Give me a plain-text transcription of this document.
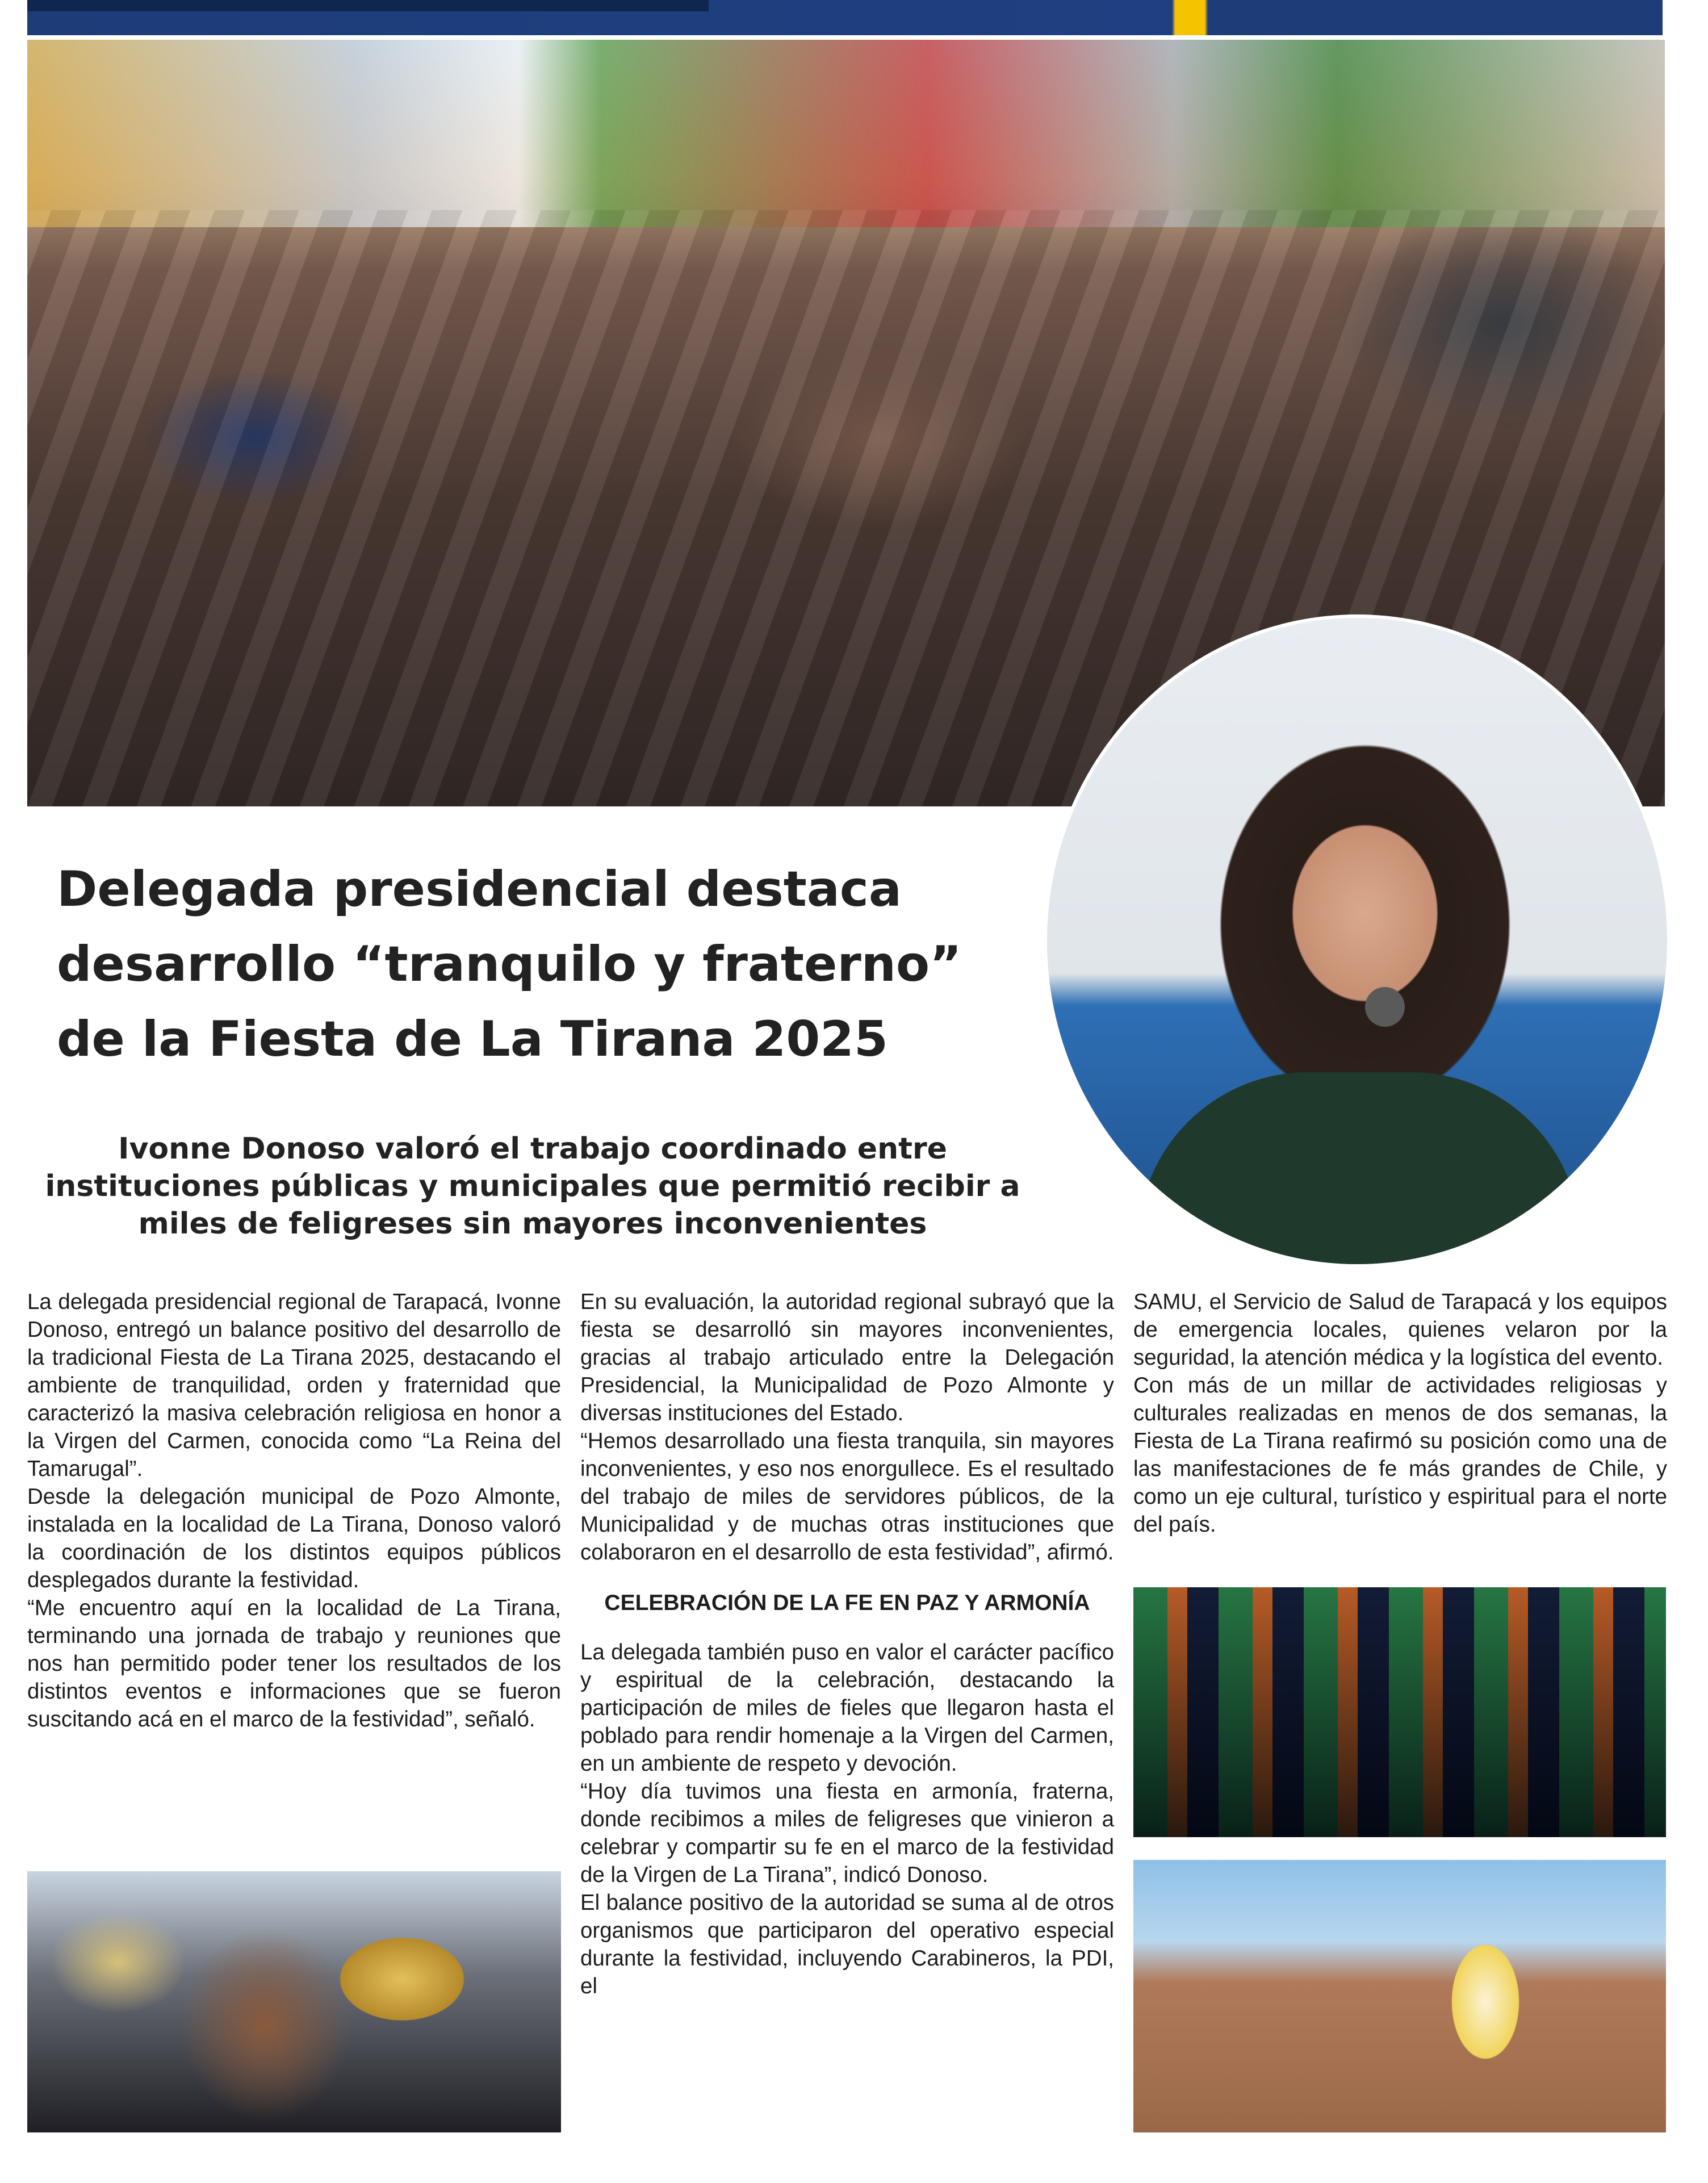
Delegada presidencial destaca desarrollo “tranquilo y fraterno” de la Fiesta de La Tirana 2025
Ivonne Donoso valoró el trabajo coordinado entre instituciones públicas y municipales que permitió recibir a miles de feligreses sin mayores inconvenientes

La delegada presidencial regional de Tarapacá, Ivonne Donoso, entregó un balance positivo del desarrollo de la tradicional Fiesta de La Tirana 2025, destacando el ambiente de tranquilidad, orden y fraternidad que caracterizó la masiva celebración religiosa en honor a la Virgen del Carmen, conocida como “La Reina del Tamarugal”.

Desde la delegación municipal de Pozo Almonte, instalada en la localidad de La Tirana, Donoso valoró la coordinación de los distintos equipos públicos desplegados durante la festividad.

“Me encuentro aquí en la localidad de La Tirana, terminando una jornada de trabajo y reuniones que nos han permitido poder tener los resultados de los distintos eventos e informaciones que se fueron suscitando acá en el marco de la festividad”, señaló.

En su evaluación, la autoridad regional subrayó que la fiesta se desarrolló sin mayores inconvenientes, gracias al trabajo articulado entre la Delegación Presidencial, la Municipalidad de Pozo Almonte y diversas instituciones del Estado.

“Hemos desarrollado una fiesta tranquila, sin mayores inconvenientes, y eso nos enorgullece. Es el resultado del trabajo de miles de servidores públicos, de la Municipalidad y de muchas otras instituciones que colaboraron en el desarrollo de esta festividad”, afirmó.

CELEBRACIÓN DE LA FE EN PAZ Y ARMONÍA

La delegada también puso en valor el carácter pacífico y espiritual de la celebración, destacando la participación de miles de fieles que llegaron hasta el poblado para rendir homenaje a la Virgen del Carmen, en un ambiente de respeto y devoción.

“Hoy día tuvimos una fiesta en armonía, fraterna, donde recibimos a miles de feligreses que vinieron a celebrar y compartir su fe en el marco de la festividad de la Virgen de La Tirana”, indicó Donoso.

El balance positivo de la autoridad se suma al de otros organismos que participaron del operativo especial durante la festividad, incluyendo Carabineros, la PDI, el

SAMU, el Servicio de Salud de Tarapacá y los equipos de emergencia locales, quienes velaron por la seguridad, la atención médica y la logística del evento.

Con más de un millar de actividades religiosas y culturales realizadas en menos de dos semanas, la Fiesta de La Tirana reafirmó su posición como una de las manifestaciones de fe más grandes de Chile, y como un eje cultural, turístico y espiritual para el norte del país.
